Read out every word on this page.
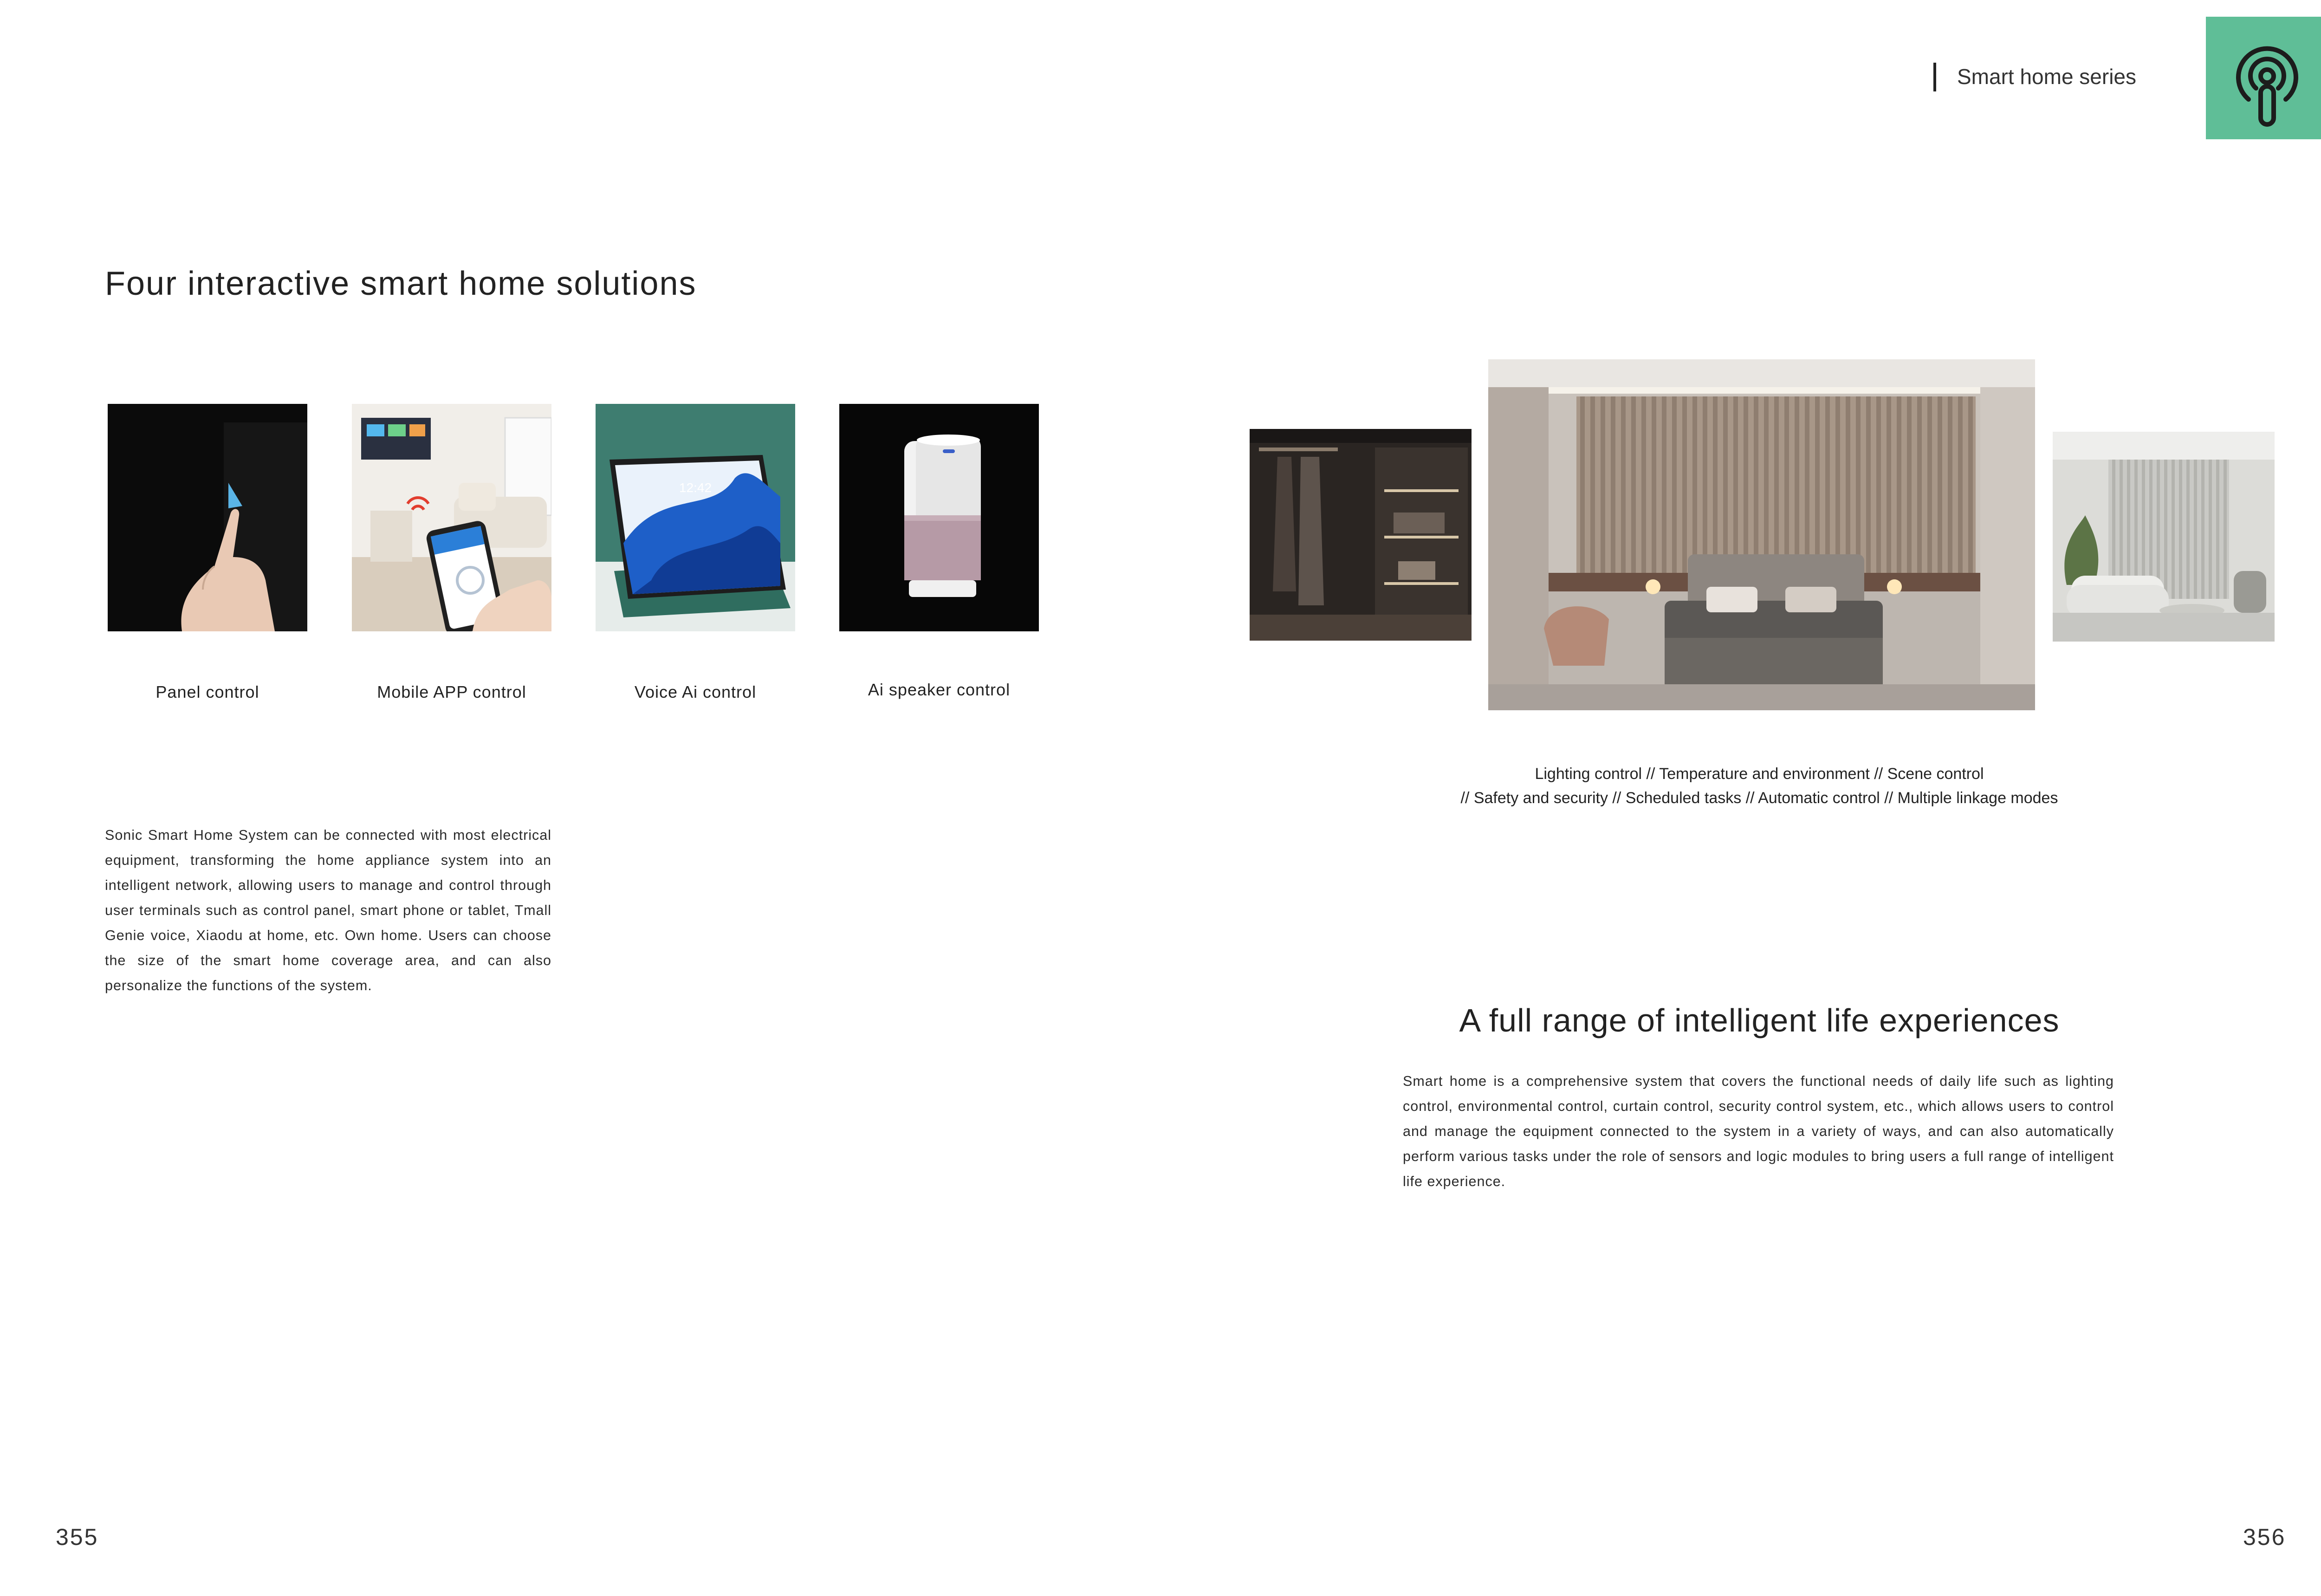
Smart home series
Four interactive smart home solutions
12:42
Panel control	Mobile APP control	Voice Ai control	Ai speaker control
Sonic Smart Home System can be connected with most electrical equipment, transforming the home appliance system into an intelligent network, allowing users to manage and control through user terminals such as control panel, smart phone or tablet, Tmall Genie voice, Xiaodu at home, etc. Own home. Users can choose the size of the smart home coverage area, and can also personalize the functions of the system.
355
Lighting control // Temperature and environment // Scene control
// Safety and security // Scheduled tasks // Automatic control // Multiple linkage modes
A full range of intelligent life experiences
Smart home is a comprehensive system that covers the functional needs of daily life such as lighting control, environmental control, curtain control, security control system, etc., which allows users to control and manage the equipment connected to the system in a variety of ways, and can also automatically perform various tasks under the role of sensors and logic modules to bring users a full range of intelligent life experience.
356
